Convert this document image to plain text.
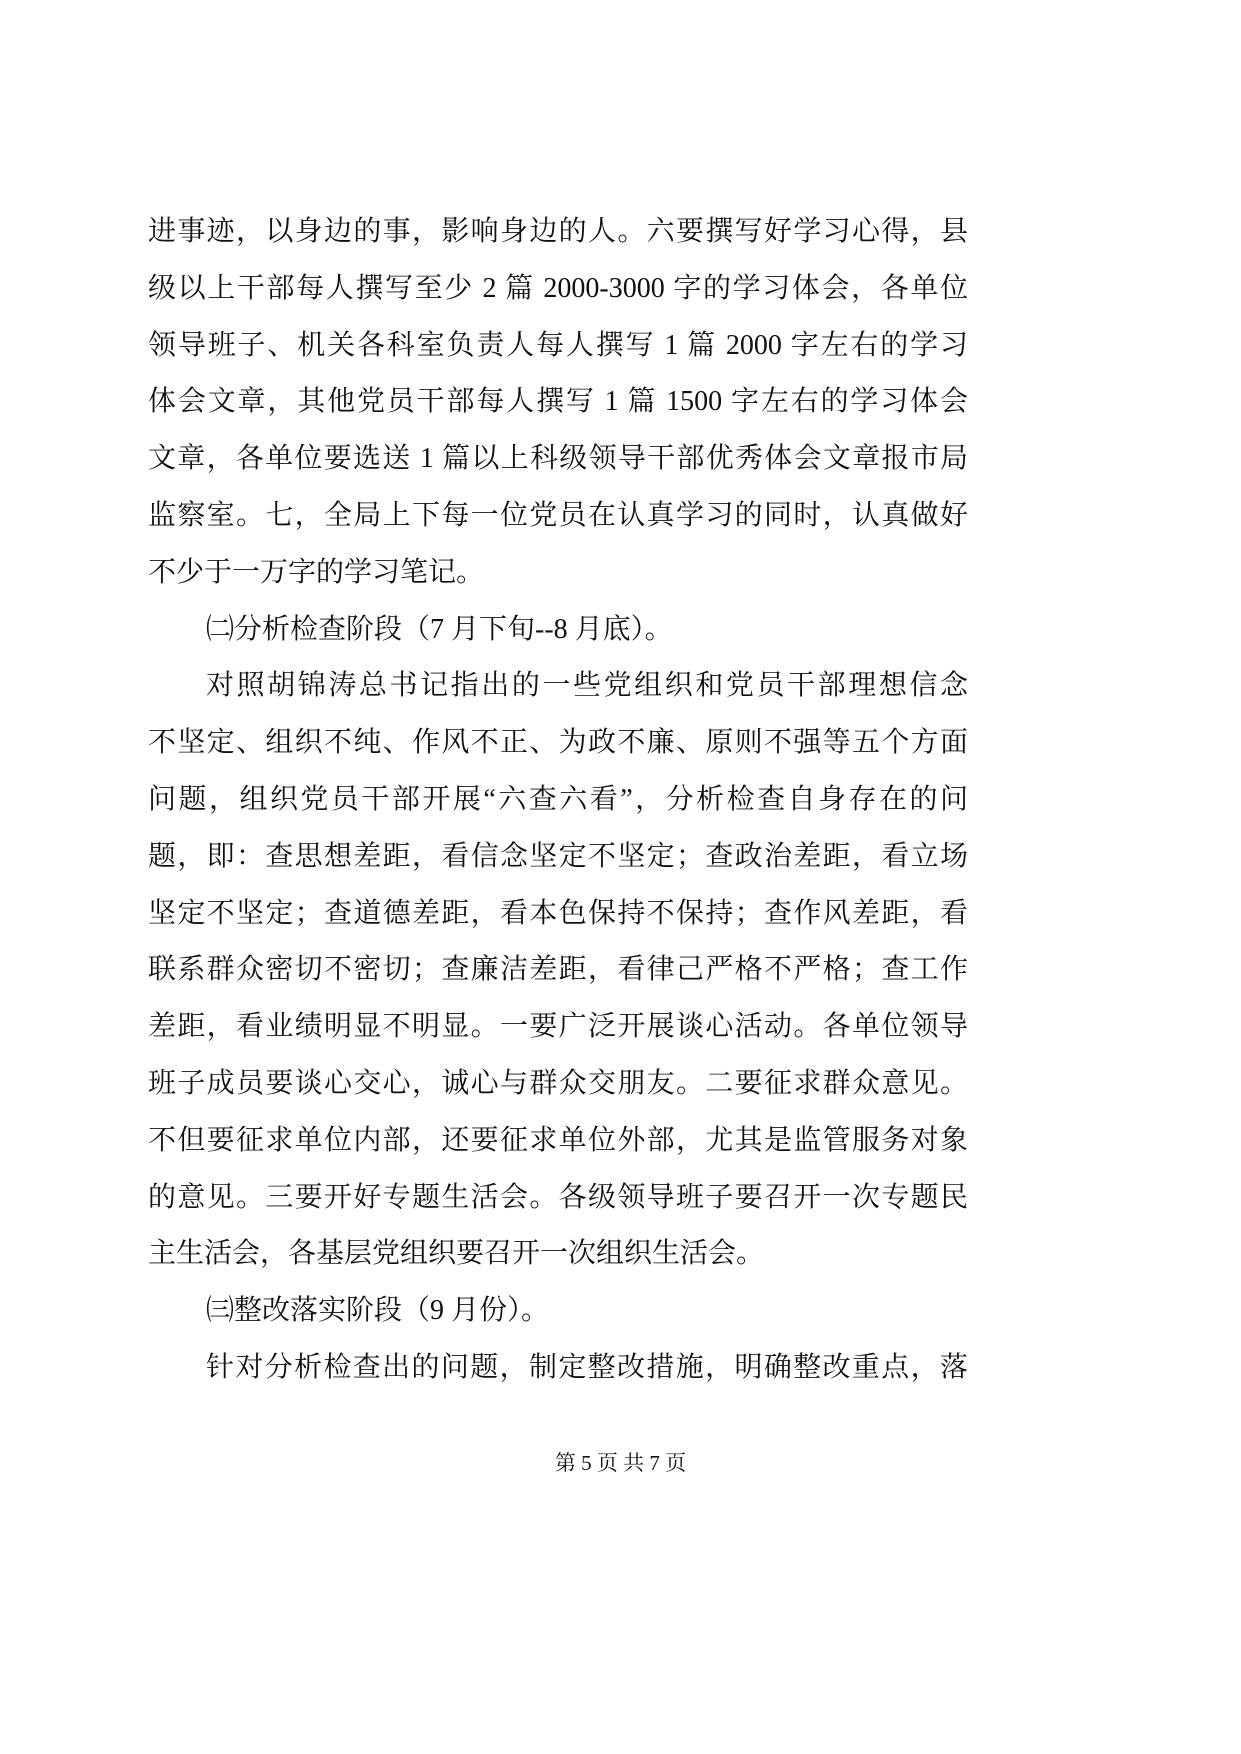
进事迹，以身边的事，影响身边的人。六要撰写好学习心得，县
级以上干部每人撰写至少 2 篇 2000-3000 字的学习体会，各单位
领导班子、机关各科室负责人每人撰写 1 篇 2000 字左右的学习
体会文章，其他党员干部每人撰写 1 篇 1500 字左右的学习体会
文章，各单位要选送 1 篇以上科级领导干部优秀体会文章报市局
监察室。七，全局上下每一位党员在认真学习的同时，认真做好
不少于一万字的学习笔记。
㈡分析检查阶段（7 月下旬--8 月底）。
对照胡锦涛总书记指出的一些党组织和党员干部理想信念
不坚定、组织不纯、作风不正、为政不廉、原则不强等五个方面
问题，组织党员干部开展“六查六看”，分析检查自身存在的问
题，即：查思想差距，看信念坚定不坚定；查政治差距，看立场
坚定不坚定；查道德差距，看本色保持不保持；查作风差距，看
联系群众密切不密切；查廉洁差距，看律己严格不严格；查工作
差距，看业绩明显不明显。一要广泛开展谈心活动。各单位领导
班子成员要谈心交心，诚心与群众交朋友。二要征求群众意见。
不但要征求单位内部，还要征求单位外部，尤其是监管服务对象
的意见。三要开好专题生活会。各级领导班子要召开一次专题民
主生活会，各基层党组织要召开一次组织生活会。
㈢整改落实阶段（9 月份）。
针对分析检查出的问题，制定整改措施，明确整改重点，落
第 5 页 共 7 页
